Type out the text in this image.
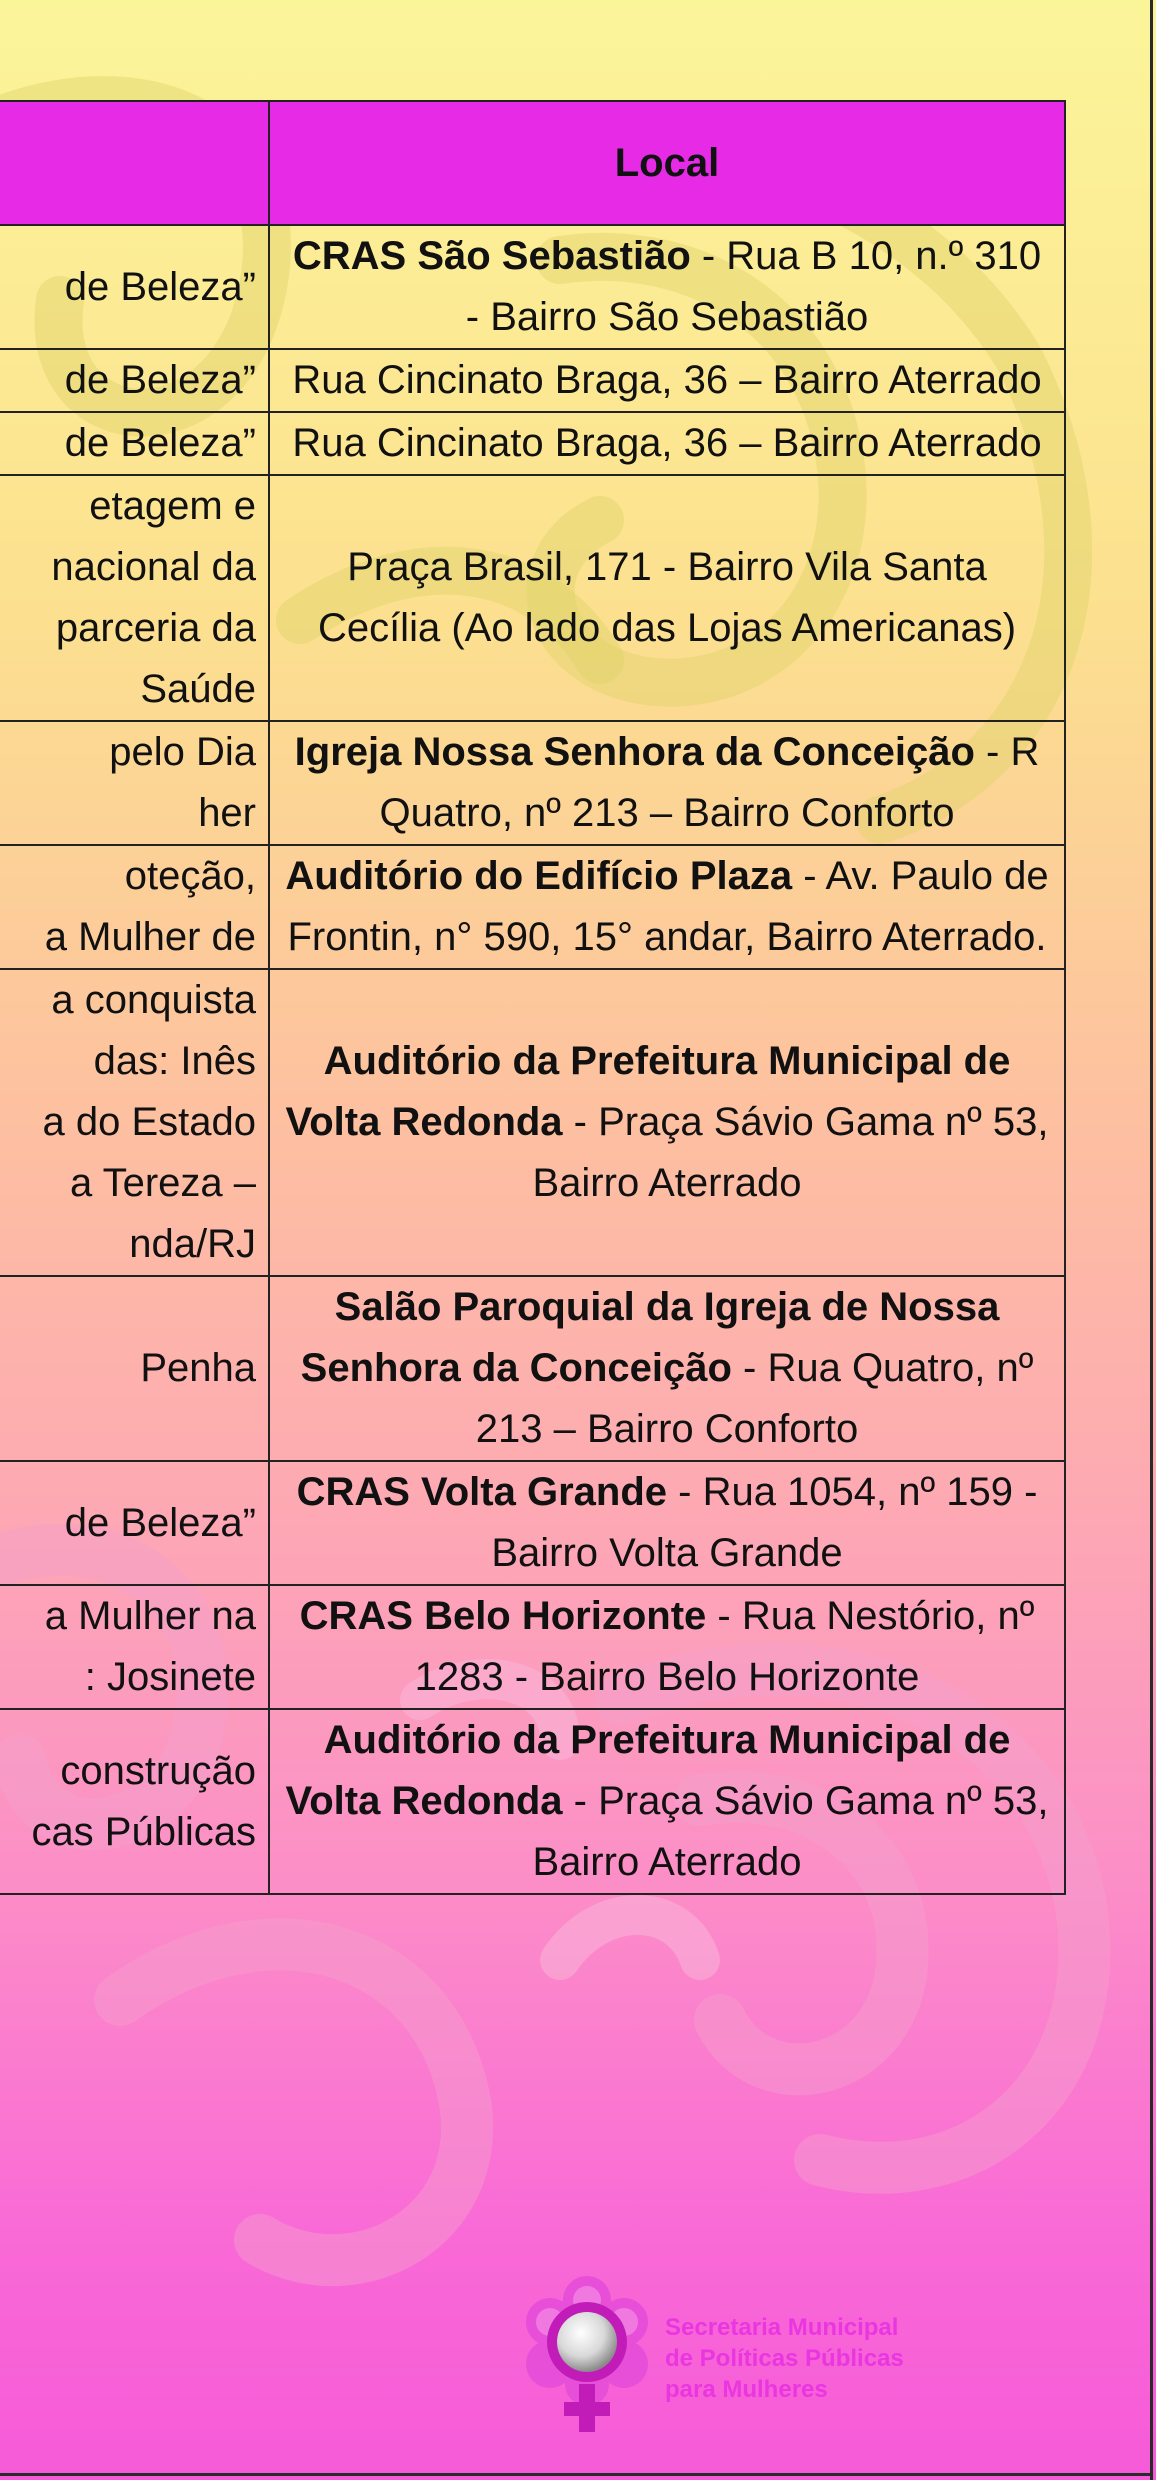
	Local

de Beleza”	CRAS São Sebastião - Rua B 10, n.º 310 - Bairro São Sebastião

de Beleza”	Rua Cincinato Braga, 36 – Bairro Aterrado

de Beleza”	Rua Cincinato Braga, 36 – Bairro Aterrado

etagem e
nacional da
parceria da
Saúde	Praça Brasil, 171 - Bairro Vila Santa Cecília (Ao lado das Lojas Americanas)

pelo Dia
her	Igreja Nossa Senhora da Conceição - R Quatro, nº 213 – Bairro Conforto

oteção,
a Mulher de	Auditório do Edifício Plaza - Av. Paulo de Frontin, n° 590, 15° andar, Bairro Aterrado.

a conquista
das: Inês
a do Estado
a Tereza –
nda/RJ	Auditório da Prefeitura Municipal de Volta Redonda - Praça Sávio Gama nº 53, Bairro Aterrado

Penha	Salão Paroquial da Igreja de Nossa Senhora da Conceição - Rua Quatro, nº 213 – Bairro Conforto

de Beleza”	CRAS Volta Grande - Rua 1054, nº 159 - Bairro Volta Grande

a Mulher na
: Josinete	CRAS Belo Horizonte - Rua Nestório, nº 1283 - Bairro Belo Horizonte

construção
cas Públicas	Auditório da Prefeitura Municipal de Volta Redonda - Praça Sávio Gama nº 53, Bairro Aterrado
Secretaria Municipal
de Políticas Públicas
para Mulheres
